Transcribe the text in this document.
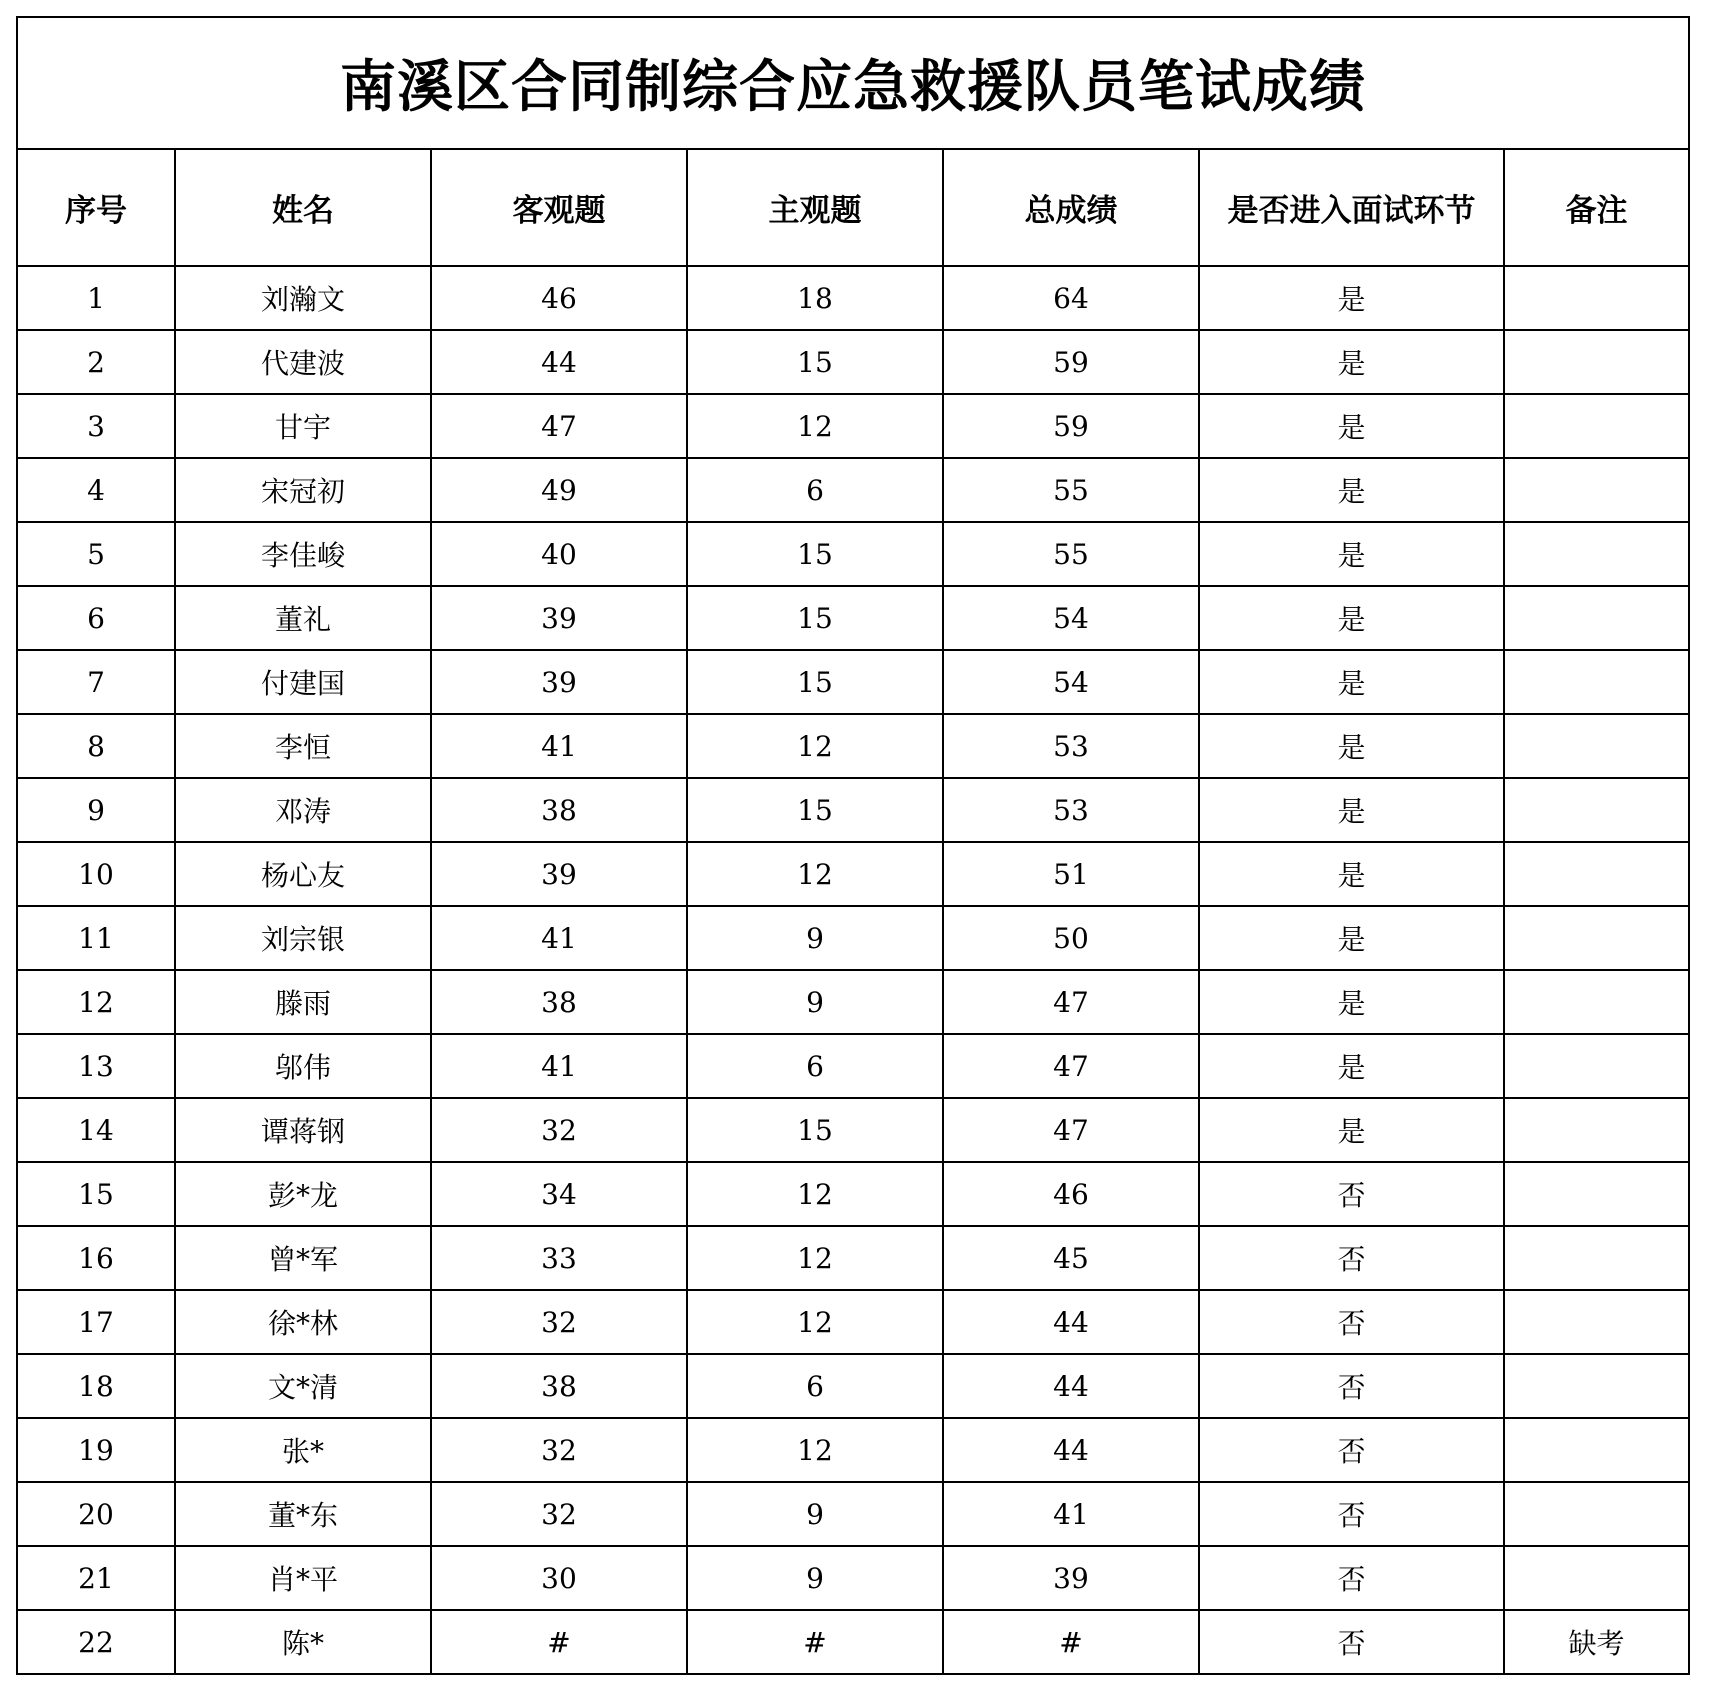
南溪区合同制综合应急救援队员笔试成绩						
序号	姓名	客观题	主观题	总成绩	是否进入面试环节	备注
1	刘瀚文	46	18	64	是	
2	代建波	44	15	59	是	
3	甘宇	47	12	59	是	
4	宋冠初	49	6	55	是	
5	李佳峻	40	15	55	是	
6	董礼	39	15	54	是	
7	付建国	39	15	54	是	
8	李恒	41	12	53	是	
9	邓涛	38	15	53	是	
10	杨心友	39	12	51	是	
11	刘宗银	41	9	50	是	
12	滕雨	38	9	47	是	
13	邬伟	41	6	47	是	
14	谭蒋钢	32	15	47	是	
15	彭*龙	34	12	46	否	
16	曾*军	33	12	45	否	
17	徐*林	32	12	44	否	
18	文*清	38	6	44	否	
19	张*	32	12	44	否	
20	董*东	32	9	41	否	
21	肖*平	30	9	39	否	
22	陈*	#	#	#	否	缺考
